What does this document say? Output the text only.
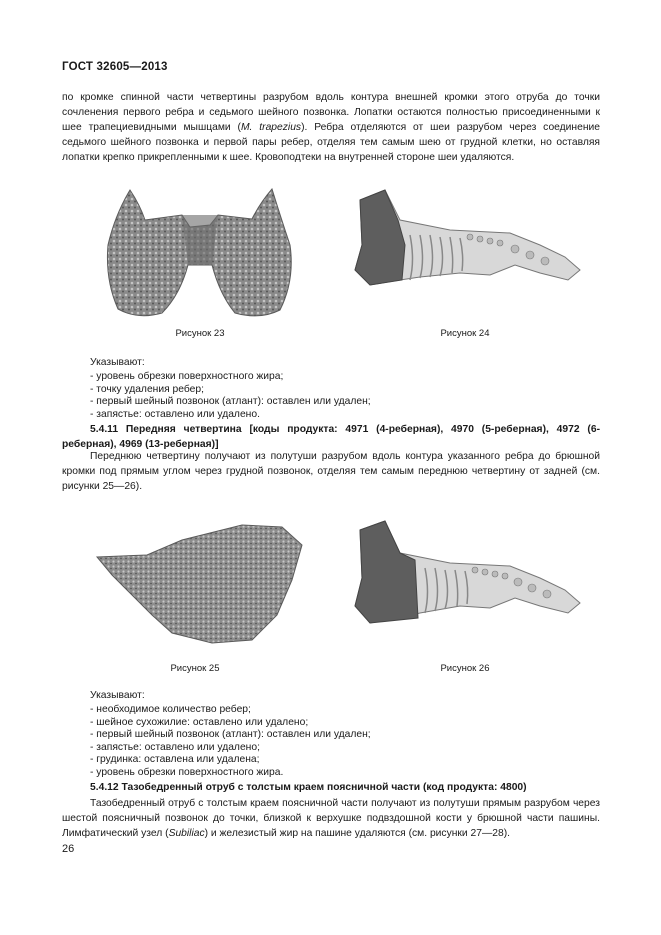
ГОСТ 32605—2013

по кромке спинной части четвертины разрубом вдоль контура внешней кромки этого отруба до точки сочленения первого ребра и седьмого шейного позвонка. Лопатки остаются полностью присоединенными к шее трапециевидными мышцами (M. trapezius). Ребра отделяются от шеи разрубом через соединение седьмого шейного позвонка и первой пары ребер, отделяя тем самым шею от грудной клетки, но оставляя лопатки крепко прикрепленными к шее. Кровоподтеки на внутренней стороне шеи удаляются.

Рисунок 23	Рисунок 24
Указывают:
- уровень обрезки поверхностного жира;
- точку удаления ребер;
- первый шейный позвонок (атлант): оставлен или удален;
- запястье: оставлено или удалено.

5.4.11 Передняя четвертина [коды продукта: 4971 (4-реберная), 4970 (5-реберная), 4972 (6-реберная), 4969 (13-реберная)]

Переднюю четвертину получают из полутуши разрубом вдоль контура указанного ребра до брюшной кромки под прямым углом через грудной позвонок, отделяя тем самым переднюю четвертину от задней (см. рисунки 25—26).

Рисунок 25	Рисунок 26
Указывают:
- необходимое количество ребер;
- шейное сухожилие: оставлено или удалено;
- первый шейный позвонок (атлант): оставлен или удален;
- запястье: оставлено или удалено;
- грудинка: оставлена или удалена;
- уровень обрезки поверхностного жира.

5.4.12 Тазобедренный отруб с толстым краем поясничной части (код продукта: 4800)

Тазобедренный отруб с толстым краем поясничной части получают из полутуши прямым разрубом через шестой поясничный позвонок до точки, близкой к верхушке подвздошной кости у брюшной части пашины. Лимфатический узел (Subiliac) и железистый жир на пашине удаляются (см. рисунки 27—28).

26
